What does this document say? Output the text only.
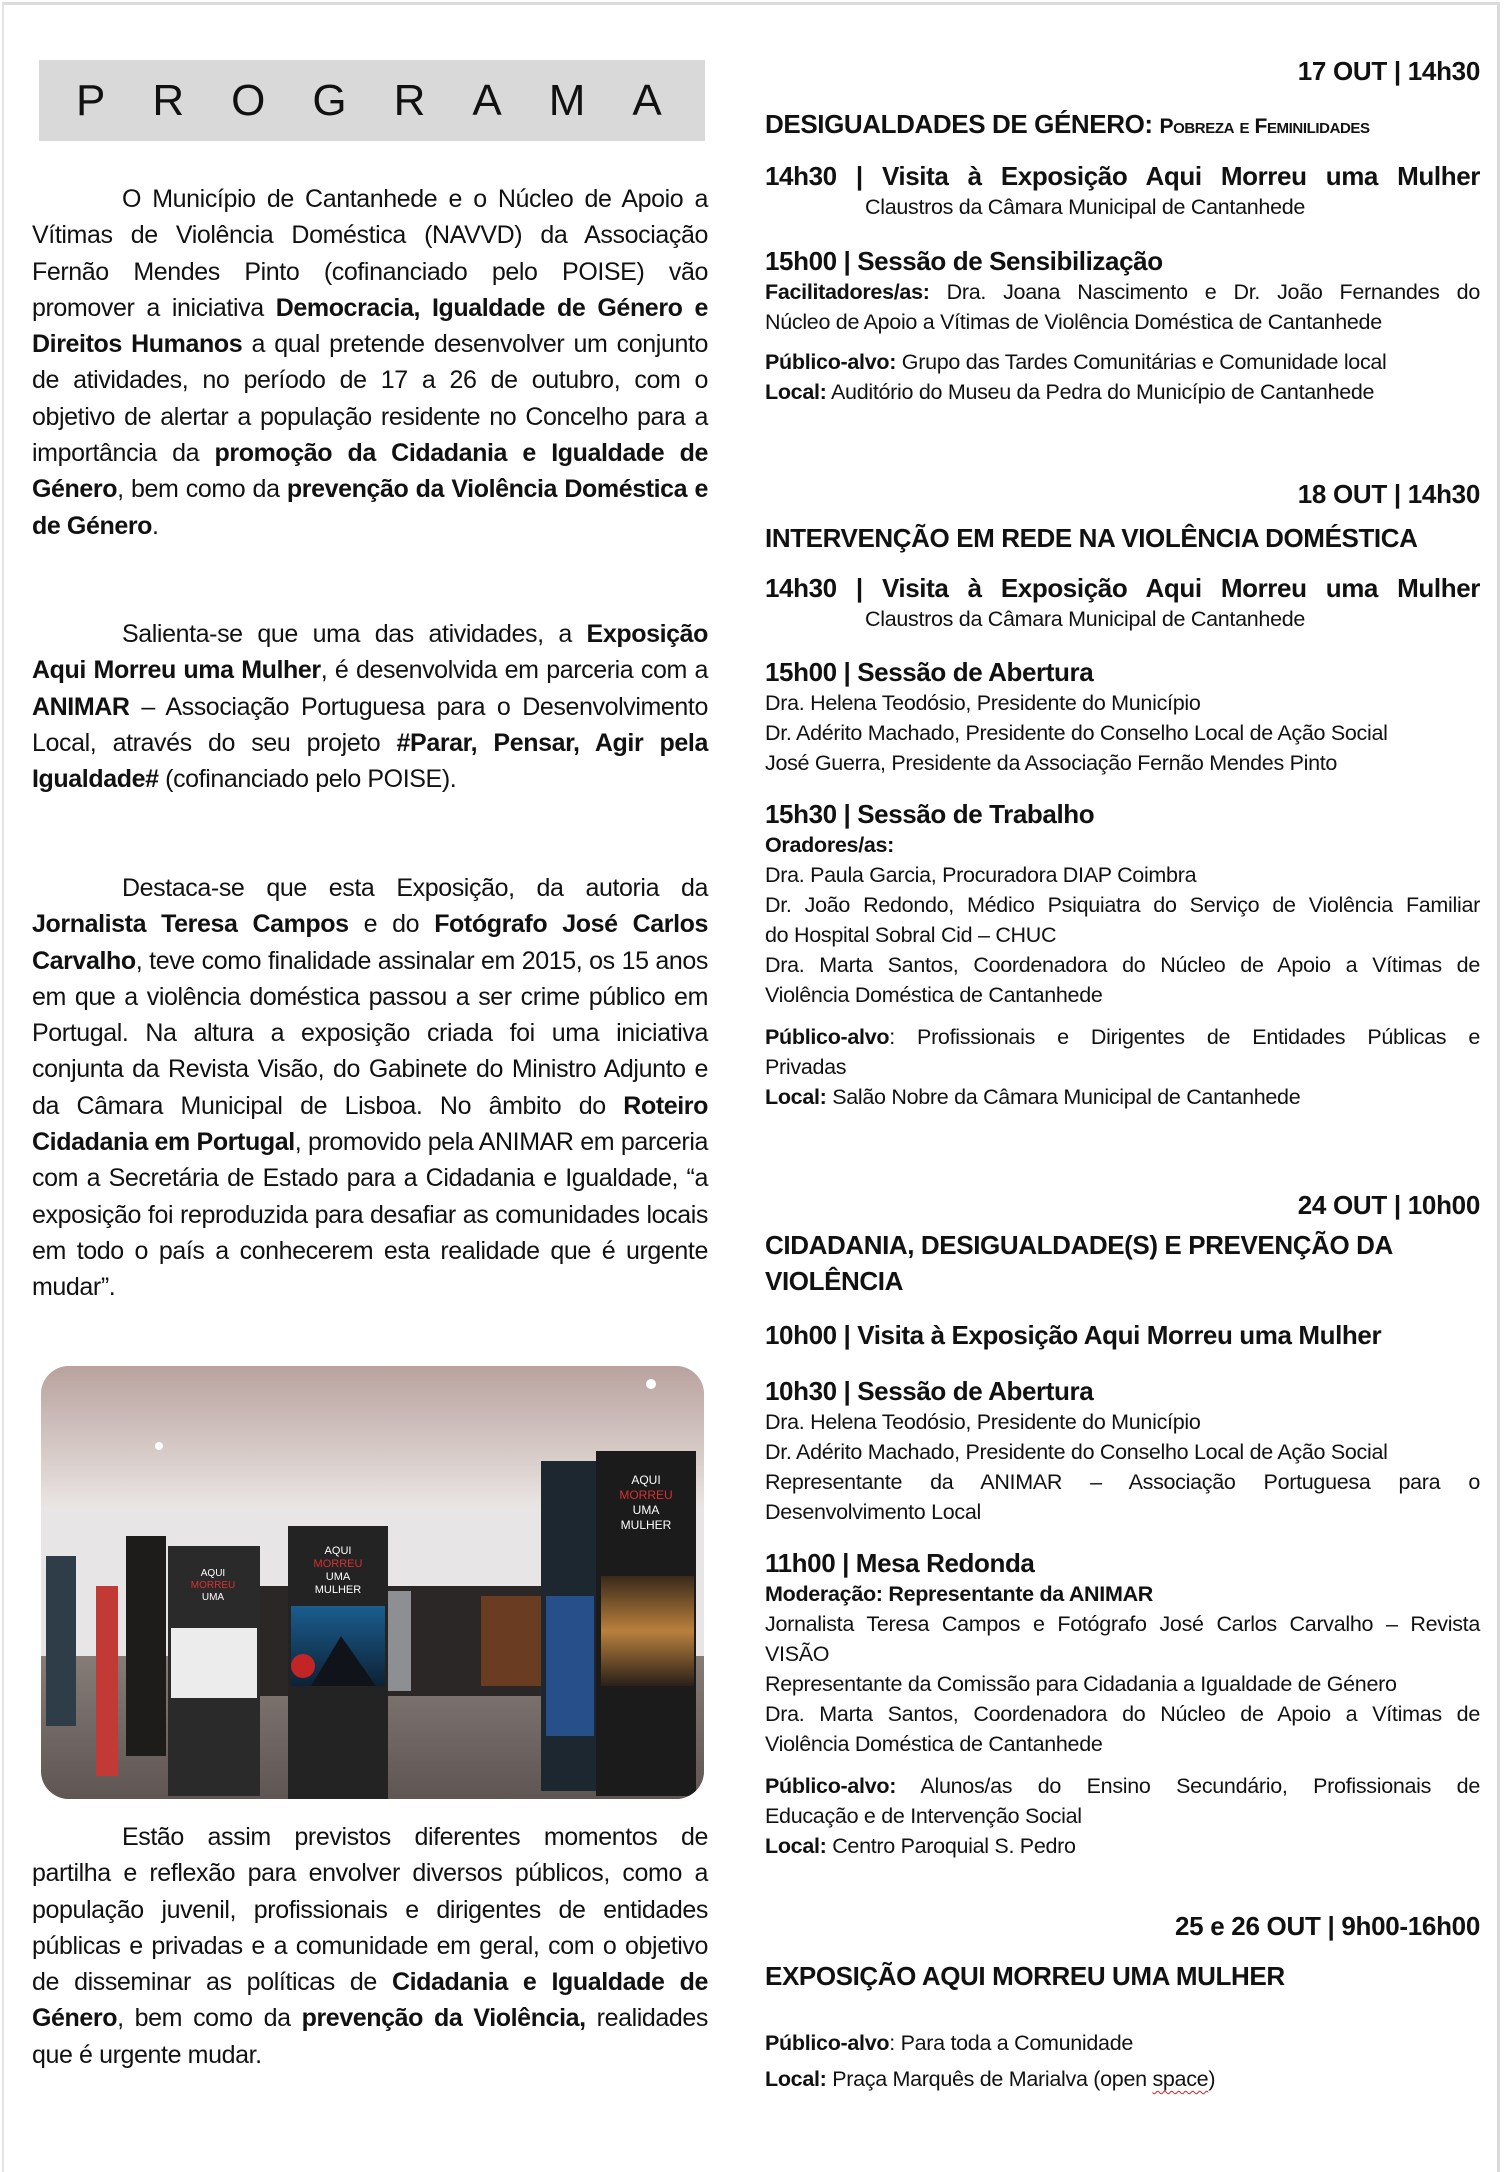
PROGRAMA

O Município de Cantanhede e o Núcleo de Apoio a Vítimas de Violência Doméstica (NAVVD) da Associação Fernão Mendes Pinto (cofinanciado pelo POISE) vão promover a iniciativa Democracia, Igualdade de Género e Direitos Humanos a qual pretende desenvolver um conjunto de atividades, no período de 17 a 26 de outubro, com o objetivo de alertar a população residente no Concelho para a importância da promoção da Cidadania e Igualdade de Género, bem como da prevenção da Violência Doméstica e de Género.

Salienta-se que uma das atividades, a Exposição Aqui Morreu uma Mulher, é desenvolvida em parceria com a ANIMAR – Associação Portuguesa para o Desenvolvimento Local, através do seu projeto #Parar, Pensar, Agir pela Igualdade# (cofinanciado pelo POISE).

Destaca-se que esta Exposição, da autoria da Jornalista Teresa Campos e do Fotógrafo José Carlos Carvalho, teve como finalidade assinalar em 2015, os 15 anos em que a violência doméstica passou a ser crime público em Portugal. Na altura a exposição criada foi uma iniciativa conjunta da Revista Visão, do Gabinete do Ministro Adjunto e da Câmara Municipal de Lisboa. No âmbito do Roteiro Cidadania em Portugal, promovido pela ANIMAR em parceria com a Secretária de Estado para a Cidadania e Igualdade, “a exposição foi reproduzida para desafiar as comunidades locais em todo o país a conhecerem esta realidade que é urgente mudar”.

AQUI
MORREU
UMA
AQUI
MORREU
UMA
MULHER
AQUI
MORREU
UMA
MULHER

Estão assim previstos diferentes momentos de partilha e reflexão para envolver diversos públicos, como a população juvenil, profissionais e dirigentes de entidades públicas e privadas e a comunidade em geral, com o objetivo de disseminar as políticas de Cidadania e Igualdade de Género, bem como da prevenção da Violência, realidades que é urgente mudar.

17 OUT | 14h30
DESIGUALDADES DE GÉNERO: Pobreza e Feminilidades
14h30 | Visita à Exposição Aqui Morreu uma Mulher
Claustros da Câmara Municipal de Cantanhede
15h00 | Sessão de Sensibilização
Facilitadores/as: Dra. Joana Nascimento e Dr. João Fernandes do
Núcleo de Apoio a Vítimas de Violência Doméstica de Cantanhede
Público-alvo: Grupo das Tardes Comunitárias e Comunidade local
Local: Auditório do Museu da Pedra do Município de Cantanhede
18 OUT | 14h30
INTERVENÇÃO EM REDE NA VIOLÊNCIA DOMÉSTICA
14h30 | Visita à Exposição Aqui Morreu uma Mulher
Claustros da Câmara Municipal de Cantanhede
15h00 | Sessão de Abertura
Dra. Helena Teodósio, Presidente do Município
Dr. Adérito Machado, Presidente do Conselho Local de Ação Social
José Guerra, Presidente da Associação Fernão Mendes Pinto
15h30 | Sessão de Trabalho
Oradores/as:
Dra. Paula Garcia, Procuradora DIAP Coimbra
Dr. João Redondo, Médico Psiquiatra do Serviço de Violência Familiar
do Hospital Sobral Cid – CHUC
Dra. Marta Santos, Coordenadora do Núcleo de Apoio a Vítimas de
Violência Doméstica de Cantanhede
Público-alvo: Profissionais e Dirigentes de Entidades Públicas e
Privadas
Local: Salão Nobre da Câmara Municipal de Cantanhede
24 OUT | 10h00
CIDADANIA, DESIGUALDADE(S) E PREVENÇÃO DA
VIOLÊNCIA
10h00 | Visita à Exposição Aqui Morreu uma Mulher
10h30 | Sessão de Abertura
Dra. Helena Teodósio, Presidente do Município
Dr. Adérito Machado, Presidente do Conselho Local de Ação Social
Representante da ANIMAR – Associação Portuguesa para o
Desenvolvimento Local
11h00 | Mesa Redonda
Moderação: Representante da ANIMAR
Jornalista Teresa Campos e Fotógrafo José Carlos Carvalho – Revista
VISÃO
Representante da Comissão para Cidadania a Igualdade de Género
Dra. Marta Santos, Coordenadora do Núcleo de Apoio a Vítimas de
Violência Doméstica de Cantanhede
Público-alvo: Alunos/as do Ensino Secundário, Profissionais de
Educação e de Intervenção Social
Local: Centro Paroquial S. Pedro
25 e 26 OUT | 9h00-16h00
EXPOSIÇÃO AQUI MORREU UMA MULHER
Público-alvo: Para toda a Comunidade
Local: Praça Marquês de Marialva (open space)
